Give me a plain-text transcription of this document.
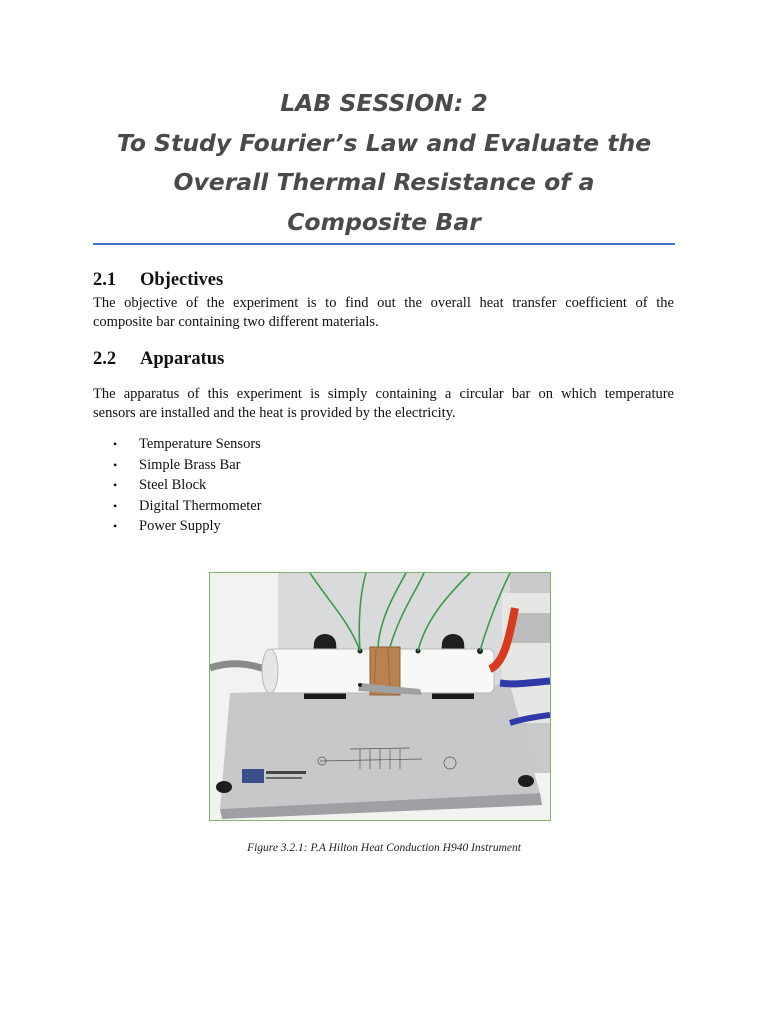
LAB SESSION: 2
To Study Fourier’s Law and Evaluate the
Overall Thermal Resistance of a
Composite Bar
2.1 Objectives
The objective of the experiment is to find out the overall heat transfer coefficient of the
composite bar containing two different materials.
2.2 Apparatus
The apparatus of this experiment is simply containing a circular bar on which temperature
sensors are installed and the heat is provided by the electricity.
• Temperature Sensors
• Simple Brass Bar
• Steel Block
• Digital Thermometer
• Power Supply
Figure 3.2.1: P.A Hilton Heat Conduction H940 Instrument
